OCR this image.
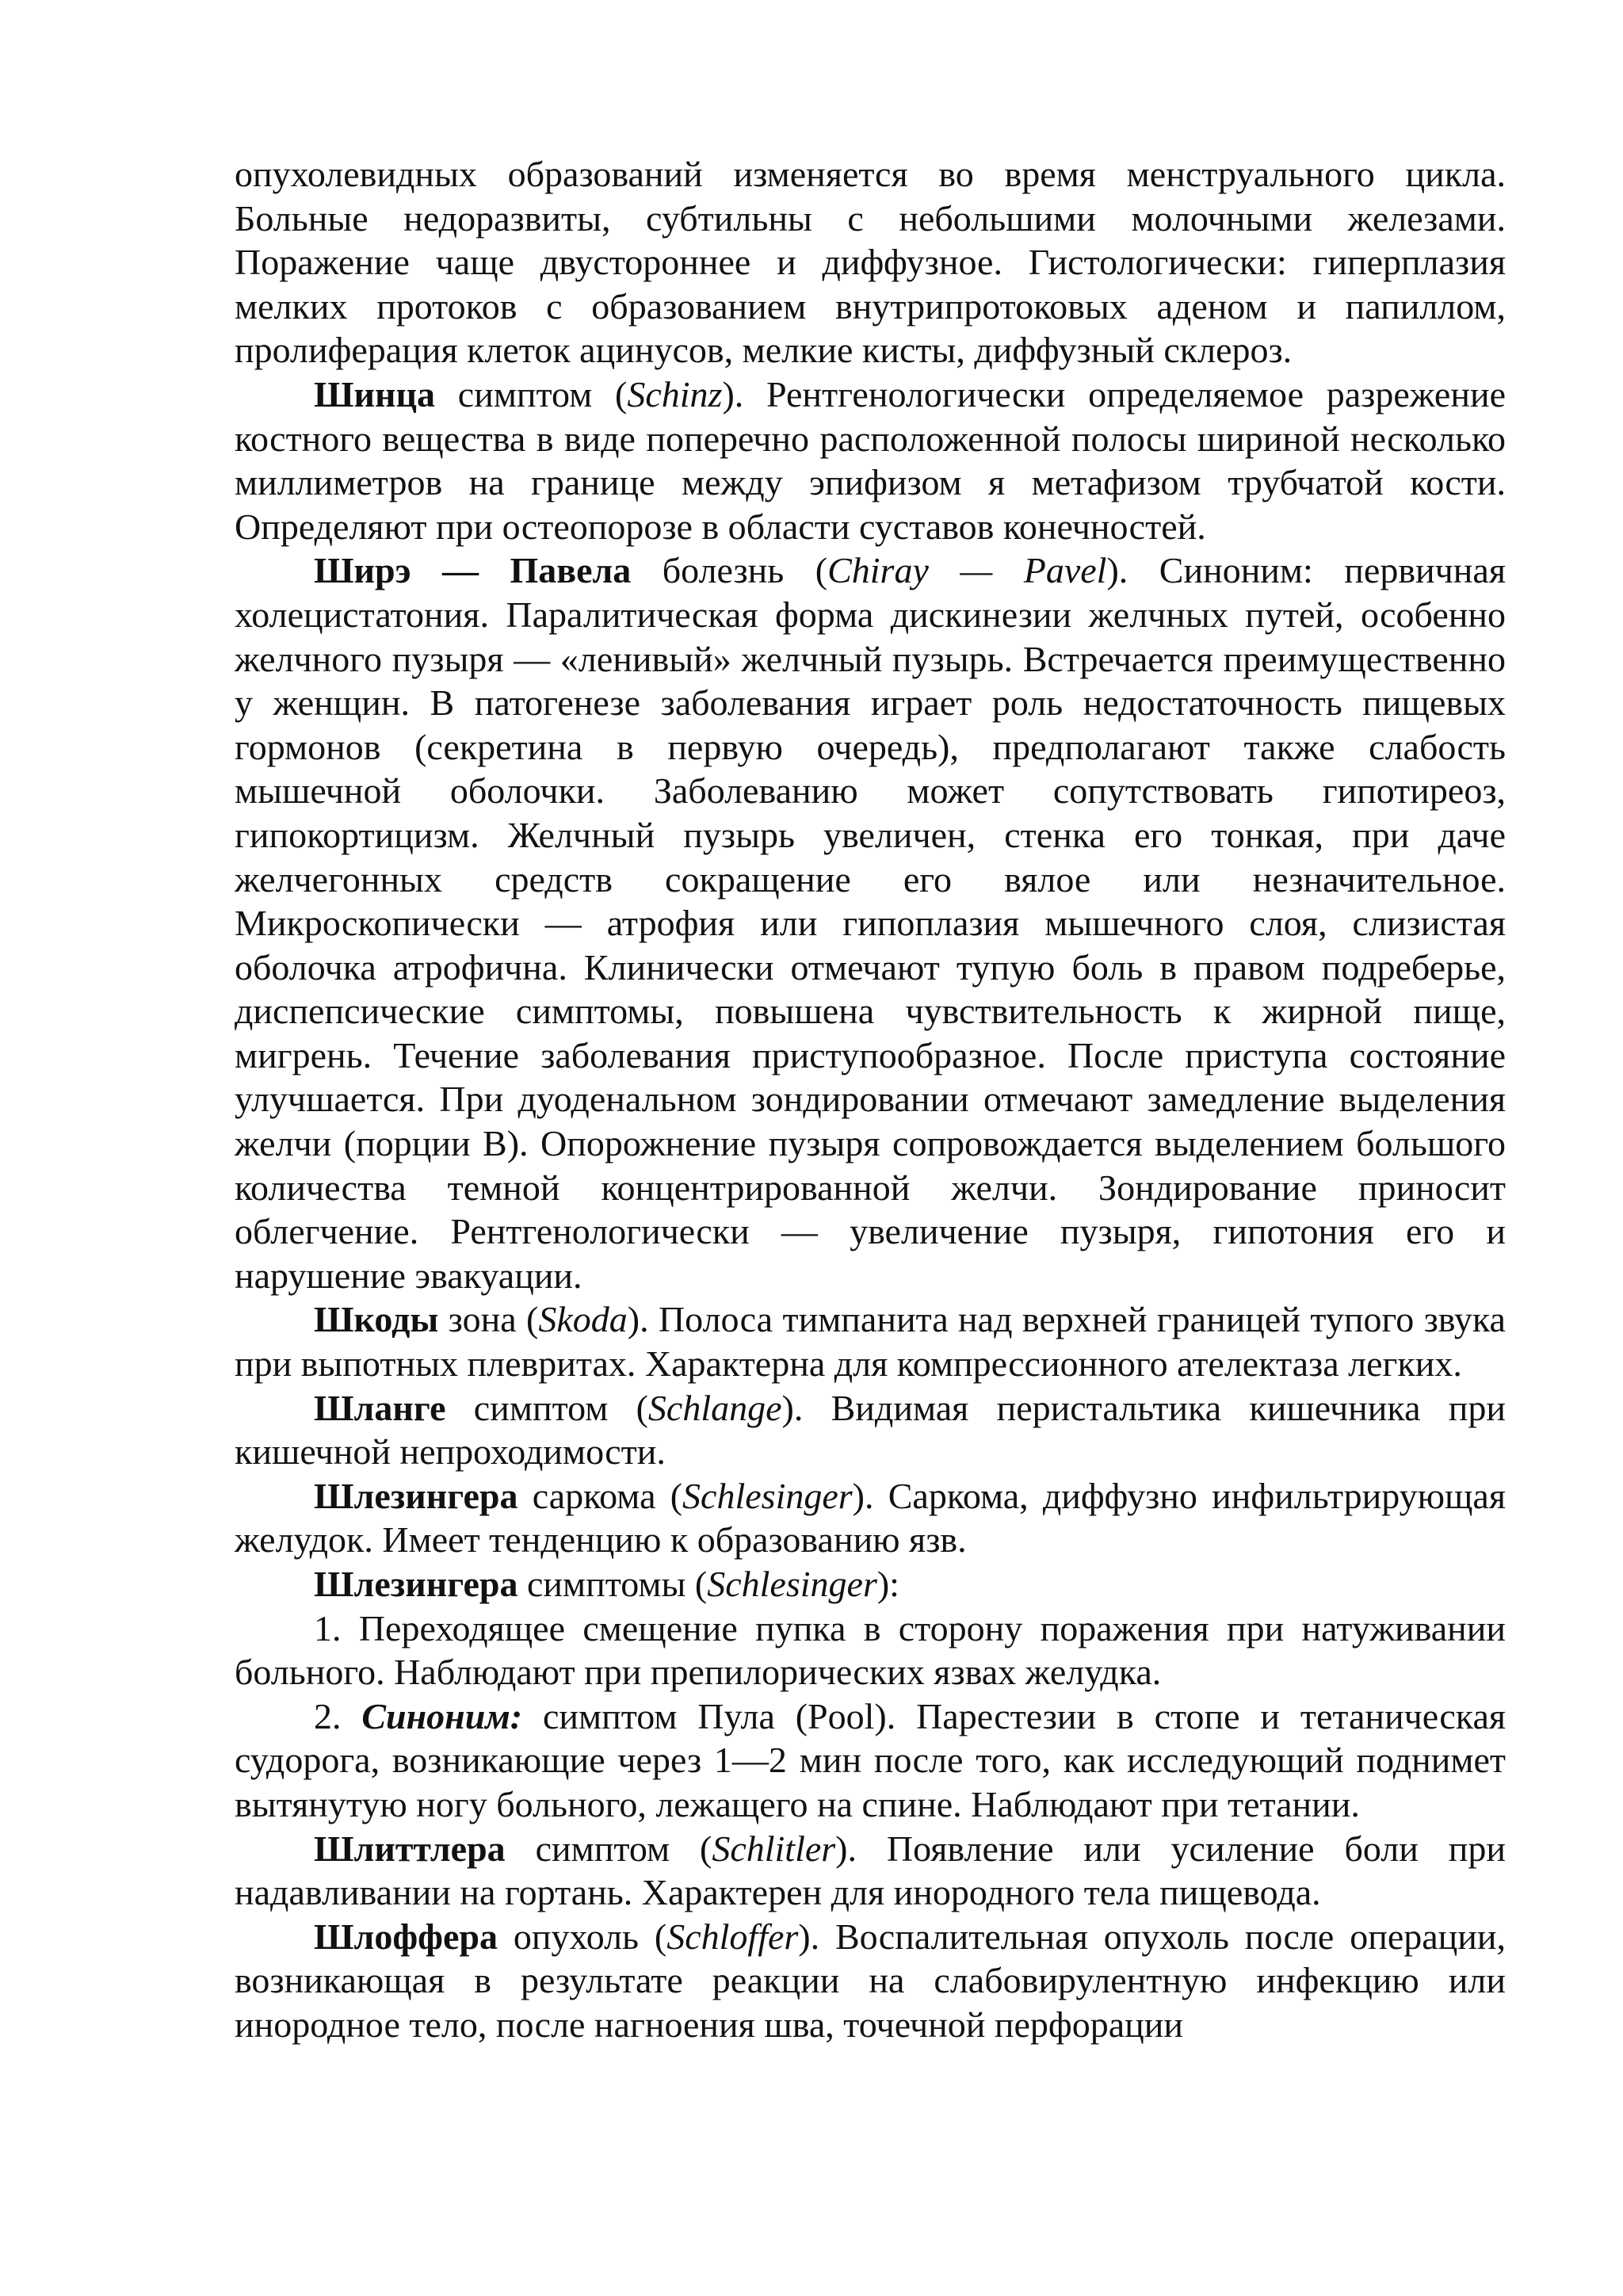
опухолевидных образований изменяется во время менструального цикла. Больные недоразвиты, субтильны с небольшими молочными железами. Поражение чаще двустороннее и диффузное. Гистологически: гиперплазия мелких протоков с образованием внутрипротоковых аденом и папиллом, пролиферация клеток ацинусов, мелкие кисты, диффузный склероз.

Шинца симптом (Schinz). Рентгенологически определяемое разрежение костного вещества в виде поперечно расположенной полосы шириной несколько миллиметров на границе между эпифизом я метафизом трубчатой кости. Определяют при остеопорозе в области суставов конечностей.

Ширэ — Павела болезнь (Chiray — Pavel). Синоним: первичная холецистатония. Паралитическая форма дискинезии желчных путей, особенно желчного пузыря — «ленивый» желчный пузырь. Встречается преимущественно у женщин. В патогенезе заболевания играет роль недостаточность пищевых гормонов (секретина в первую очередь), предполагают также слабость мышечной оболочки. Заболеванию может сопутствовать гипотиреоз, гипокортицизм. Желчный пузырь увеличен, стенка его тонкая, при даче желчегонных средств сокращение его вялое или незначительное. Микроскопически — атрофия или гипоплазия мышечного слоя, слизистая оболочка атрофична. Клинически отмечают тупую боль в правом подреберье, диспепсические симптомы, повышена чувствительность к жирной пище, мигрень. Течение заболевания приступообразное. После приступа состояние улучшается. При дуоденальном зондировании отмечают замедление выделения желчи (порции В). Опорожнение пузыря сопровождается выделением большого количества темной концентрированной желчи. Зондирование приносит облегчение. Рентгенологически — увеличение пузыря, гипотония его и нарушение эвакуации.

Шкоды зона (Skoda). Полоса тимпанита над верхней границей тупого звука при выпотных плевритах. Характерна для компрессионного ателектаза легких.

Шланге симптом (Schlange). Видимая перистальтика кишечника при кишечной непроходимости.

Шлезингера саркома (Schlesinger). Саркома, диффузно инфильтрирующая желудок. Имеет тенденцию к образованию язв.

Шлезингера симптомы (Schlesinger):

1. Переходящее смещение пупка в сторону поражения при натуживании больного. Наблюдают при препилорических язвах желудка.

2. Синоним: симптом Пула (Pool). Парестезии в стопе и тетаническая судорога, возникающие через 1—2 мин после того, как исследующий поднимет вытянутую ногу больного, лежащего на спине. Наблюдают при тетании.

Шлиттлера симптом (Schlitler). Появление или усиление боли при надавливании на гортань. Характерен для инородного тела пищевода.

Шлоффера опухоль (Schloffer). Воспалительная опухоль после операции, возникающая в результате реакции на слабовирулентную инфекцию или инородное тело, после нагноения шва, точечной перфорации
